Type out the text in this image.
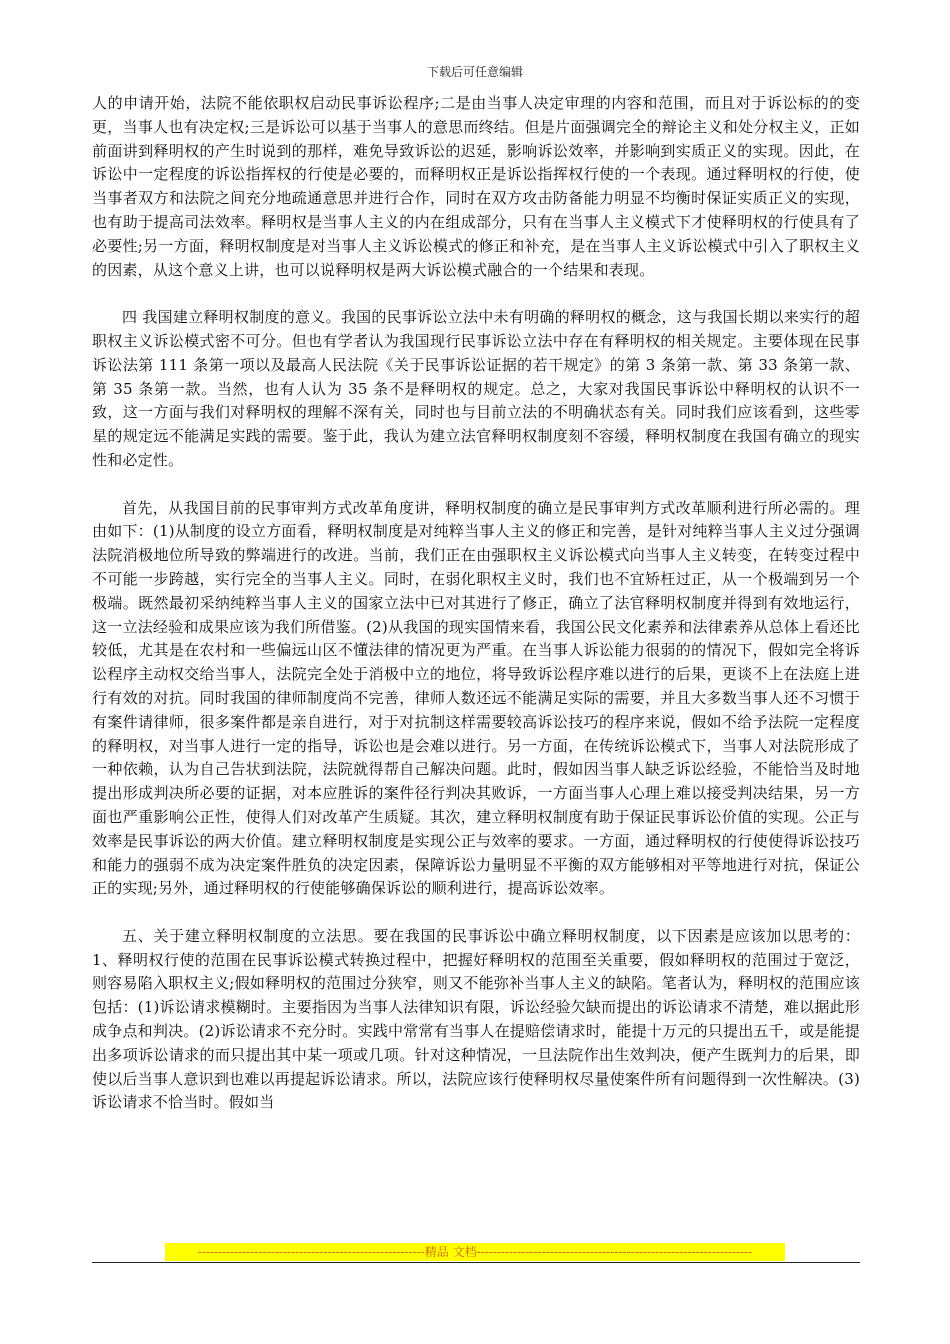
下载后可任意编辑

人的申请开始，法院不能依职权启动民事诉讼程序;二是由当事人决定审理的内容和范围，而且对于诉讼标的的变更，当事人也有决定权;三是诉讼可以基于当事人的意思而终结。但是片面强调完全的辩论主义和处分权主义，正如前面讲到释明权的产生时说到的那样，难免导致诉讼的迟延，影响诉讼效率，并影响到实质正义的实现。因此，在诉讼中一定程度的诉讼指挥权的行使是必要的，而释明权正是诉讼指挥权行使的一个表现。通过释明权的行使，使当事者双方和法院之间充分地疏通意思并进行合作，同时在双方攻击防备能力明显不均衡时保证实质正义的实现，也有助于提高司法效率。释明权是当事人主义的内在组成部分，只有在当事人主义模式下才使释明权的行使具有了必要性;另一方面，释明权制度是对当事人主义诉讼模式的修正和补充，是在当事人主义诉讼模式中引入了职权主义的因素，从这个意义上讲，也可以说释明权是两大诉讼模式融合的一个结果和表现。

四 我国建立释明权制度的意义。我国的民事诉讼立法中未有明确的释明权的概念，这与我国长期以来实行的超职权主义诉讼模式密不可分。但也有学者认为我国现行民事诉讼立法中存在有释明权的相关规定。主要体现在民事诉讼法第 111 条第一项以及最高人民法院《关于民事诉讼证据的若干规定》的第 3 条第一款、第 33 条第一款、第 35 条第一款。当然，也有人认为 35 条不是释明权的规定。总之，大家对我国民事诉讼中释明权的认识不一致，这一方面与我们对释明权的理解不深有关，同时也与目前立法的不明确状态有关。同时我们应该看到，这些零星的规定远不能满足实践的需要。鉴于此，我认为建立法官释明权制度刻不容缓，释明权制度在我国有确立的现实性和必定性。

首先，从我国目前的民事审判方式改革角度讲，释明权制度的确立是民事审判方式改革顺利进行所必需的。理由如下：(1)从制度的设立方面看，释明权制度是对纯粹当事人主义的修正和完善，是针对纯粹当事人主义过分强调法院消极地位所导致的弊端进行的改进。当前，我们正在由强职权主义诉讼模式向当事人主义转变，在转变过程中不可能一步跨越，实行完全的当事人主义。同时，在弱化职权主义时，我们也不宜矫枉过正，从一个极端到另一个极端。既然最初采纳纯粹当事人主义的国家立法中已对其进行了修正，确立了法官释明权制度并得到有效地运行，这一立法经验和成果应该为我们所借鉴。(2)从我国的现实国情来看，我国公民文化素养和法律素养从总体上看还比较低，尤其是在农村和一些偏远山区不懂法律的情况更为严重。在当事人诉讼能力很弱的的情况下，假如完全将诉讼程序主动权交给当事人，法院完全处于消极中立的地位，将导致诉讼程序难以进行的后果，更谈不上在法庭上进行有效的对抗。同时我国的律师制度尚不完善，律师人数还远不能满足实际的需要，并且大多数当事人还不习惯于有案件请律师，很多案件都是亲自进行，对于对抗制这样需要较高诉讼技巧的程序来说，假如不给予法院一定程度的释明权，对当事人进行一定的指导，诉讼也是会难以进行。另一方面，在传统诉讼模式下，当事人对法院形成了一种依赖，认为自己告状到法院，法院就得帮自己解决问题。此时，假如因当事人缺乏诉讼经验，不能恰当及时地提出形成判决所必要的证据，对本应胜诉的案件径行判决其败诉，一方面当事人心理上难以接受判决结果，另一方面也严重影响公正性，使得人们对改革产生质疑。其次，建立释明权制度有助于保证民事诉讼价值的实现。公正与效率是民事诉讼的两大价值。建立释明权制度是实现公正与效率的要求。一方面，通过释明权的行使使得诉讼技巧和能力的强弱不成为决定案件胜负的决定因素，保障诉讼力量明显不平衡的双方能够相对平等地进行对抗，保证公正的实现;另外，通过释明权的行使能够确保诉讼的顺利进行，提高诉讼效率。

五、关于建立释明权制度的立法思。要在我国的民事诉讼中确立释明权制度，以下因素是应该加以思考的：1、释明权行使的范围在民事诉讼模式转换过程中，把握好释明权的范围至关重要，假如释明权的范围过于宽泛，则容易陷入职权主义;假如释明权的范围过分狭窄，则又不能弥补当事人主义的缺陷。笔者认为，释明权的范围应该包括：(1)诉讼请求模糊时。主要指因为当事人法律知识有限，诉讼经验欠缺而提出的诉讼请求不清楚，难以据此形成争点和判决。(2)诉讼请求不充分时。实践中常常有当事人在提赔偿请求时，能提十万元的只提出五千，或是能提出多项诉讼请求的而只提出其中某一项或几项。针对这种情况，一旦法院作出生效判决，便产生既判力的后果，即使以后当事人意识到也难以再提起诉讼请求。所以，法院应该行使释明权尽量使案件所有问题得到一次性解决。(3)诉讼请求不恰当时。假如当

--------------------------------------------------------精品 文档--------------------------------------------------------------------
